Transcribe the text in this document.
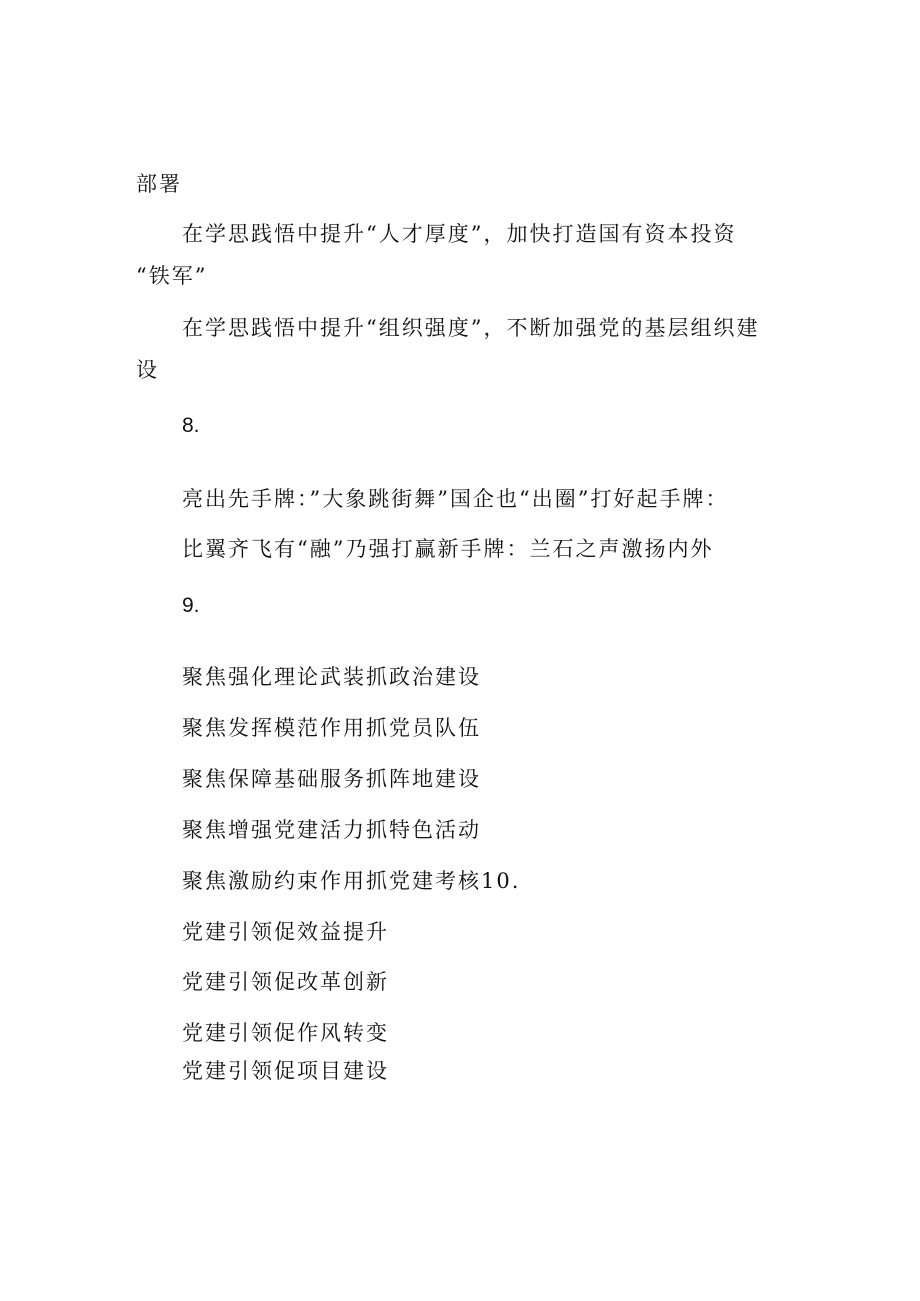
部署
在学思践悟中提升“人才厚度”，加快打造国有资本投资
“铁军”
在学思践悟中提升“组织强度”，不断加强党的基层组织建
设
8.
亮出先手牌：”大象跳街舞”国企也“出圈”打好起手牌：
比翼齐飞有“融”乃强打赢新手牌：兰石之声激扬内外
9.
聚焦强化理论武装抓政治建设
聚焦发挥模范作用抓党员队伍
聚焦保障基础服务抓阵地建设
聚焦增强党建活力抓特色活动
聚焦激励约束作用抓党建考核10.
党建引领促效益提升
党建引领促改革创新
党建引领促作风转变
党建引领促项目建设
